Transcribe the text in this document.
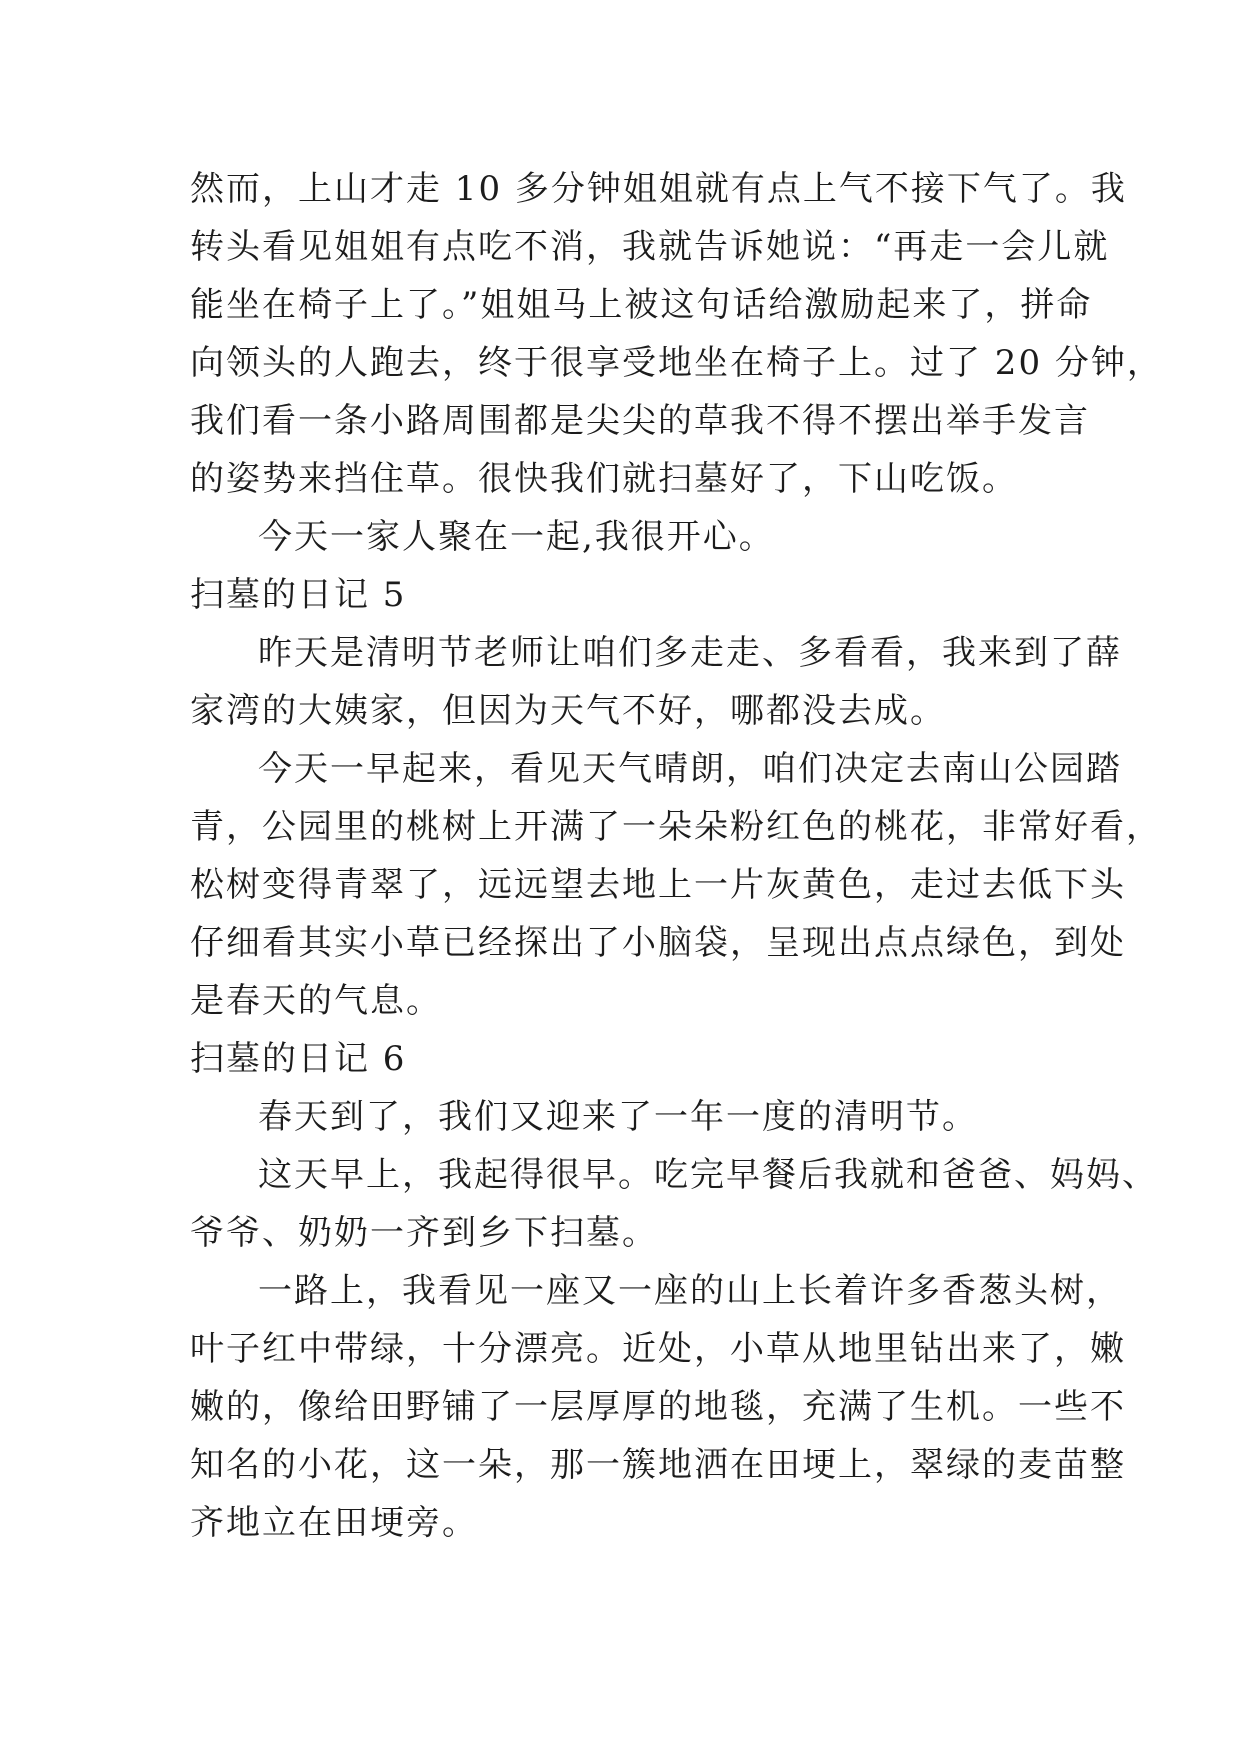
然而，上山才走 10 多分钟姐姐就有点上气不接下气了。我
转头看见姐姐有点吃不消，我就告诉她说：“再走一会儿就
能坐在椅子上了。”姐姐马上被这句话给激励起来了，拼命
向领头的人跑去，终于很享受地坐在椅子上。过了 20 分钟，
我们看一条小路周围都是尖尖的草我不得不摆出举手发言
的姿势来挡住草。很快我们就扫墓好了，下山吃饭。
今天一家人聚在一起,我很开心。
扫墓的日记 5
昨天是清明节老师让咱们多走走、多看看，我来到了薛
家湾的大姨家，但因为天气不好，哪都没去成。
今天一早起来，看见天气晴朗，咱们决定去南山公园踏
青，公园里的桃树上开满了一朵朵粉红色的桃花，非常好看，
松树变得青翠了，远远望去地上一片灰黄色，走过去低下头
仔细看其实小草已经探出了小脑袋，呈现出点点绿色，到处
是春天的气息。
扫墓的日记 6
春天到了，我们又迎来了一年一度的清明节。
这天早上，我起得很早。吃完早餐后我就和爸爸、妈妈、
爷爷、奶奶一齐到乡下扫墓。
一路上，我看见一座又一座的山上长着许多香葱头树，
叶子红中带绿，十分漂亮。近处，小草从地里钻出来了，嫩
嫩的，像给田野铺了一层厚厚的地毯，充满了生机。一些不
知名的小花，这一朵，那一簇地洒在田埂上，翠绿的麦苗整
齐地立在田埂旁。
